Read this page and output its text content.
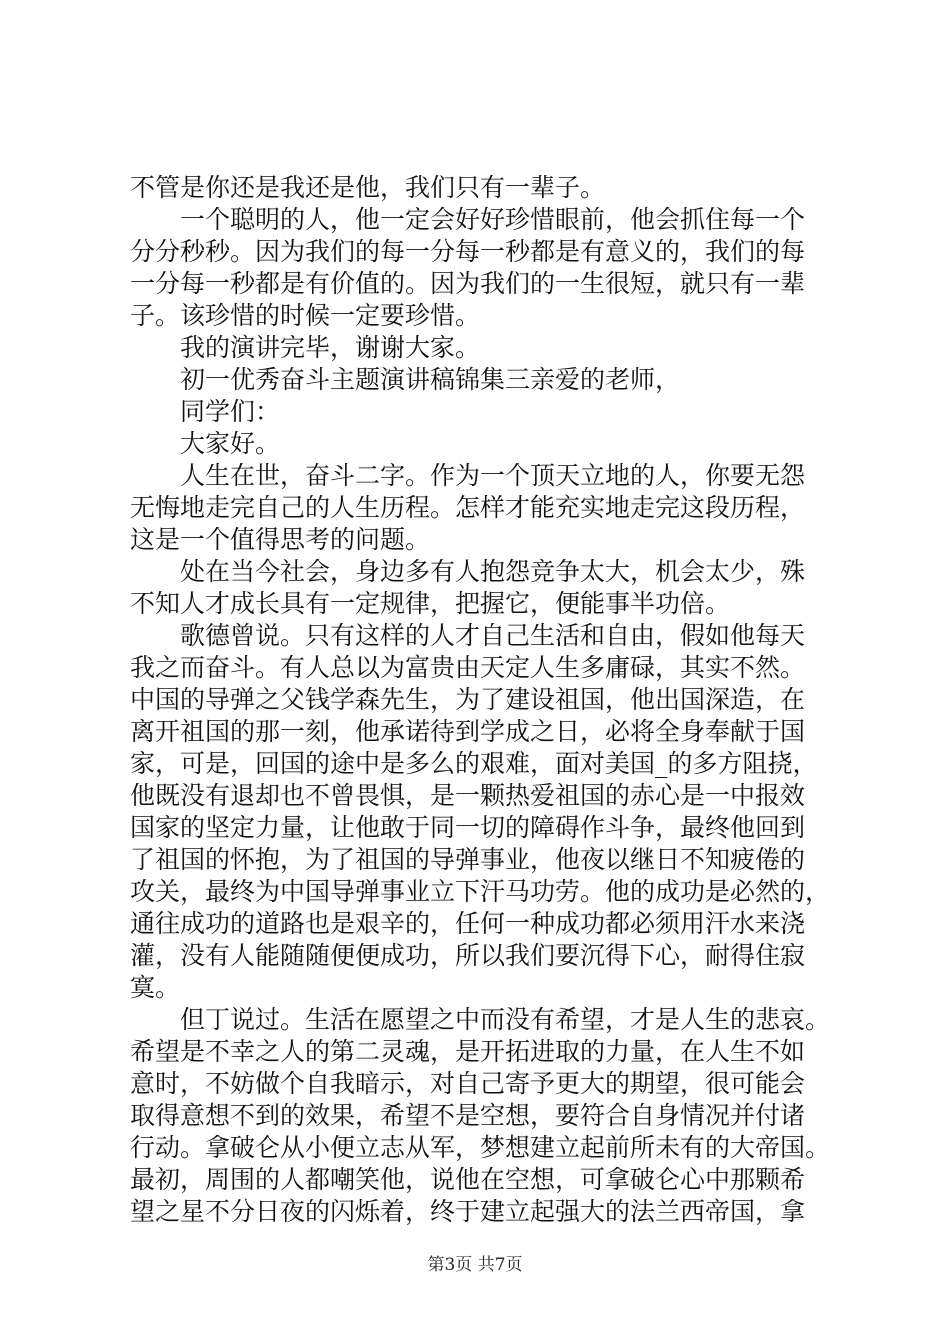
不管是你还是我还是他，我们只有一辈子。
一个聪明的人，他一定会好好珍惜眼前，他会抓住每一个
分分秒秒。因为我们的每一分每一秒都是有意义的，我们的每
一分每一秒都是有价值的。因为我们的一生很短，就只有一辈
子。该珍惜的时候一定要珍惜。
我的演讲完毕，谢谢大家。
初一优秀奋斗主题演讲稿锦集三亲爱的老师，
同学们：
大家好。
人生在世，奋斗二字。作为一个顶天立地的人，你要无怨
无悔地走完自己的人生历程。怎样才能充实地走完这段历程，
这是一个值得思考的问题。
处在当今社会，身边多有人抱怨竞争太大，机会太少，殊
不知人才成长具有一定规律，把握它，便能事半功倍。
歌德曾说。只有这样的人才自己生活和自由，假如他每天
我之而奋斗。有人总以为富贵由天定人生多庸碌，其实不然。
中国的导弹之父钱学森先生，为了建设祖国，他出国深造，在
离开祖国的那一刻，他承诺待到学成之日，必将全身奉献于国
家，可是，回国的途中是多么的艰难，面对美国_的多方阻挠，
他既没有退却也不曾畏惧，是一颗热爱祖国的赤心是一中报效
国家的坚定力量，让他敢于同一切的障碍作斗争，最终他回到
了祖国的怀抱，为了祖国的导弹事业，他夜以继日不知疲倦的
攻关，最终为中国导弹事业立下汗马功劳。他的成功是必然的，
通往成功的道路也是艰辛的，任何一种成功都必须用汗水来浇
灌，没有人能随随便便成功，所以我们要沉得下心，耐得住寂
寞。
但丁说过。生活在愿望之中而没有希望，才是人生的悲哀。
希望是不幸之人的第二灵魂，是开拓进取的力量，在人生不如
意时，不妨做个自我暗示，对自己寄予更大的期望，很可能会
取得意想不到的效果，希望不是空想，要符合自身情况并付诸
行动。拿破仑从小便立志从军，梦想建立起前所未有的大帝国。
最初，周围的人都嘲笑他，说他在空想，可拿破仑心中那颗希
望之星不分日夜的闪烁着，终于建立起强大的法兰西帝国，拿
第3页 共7页
